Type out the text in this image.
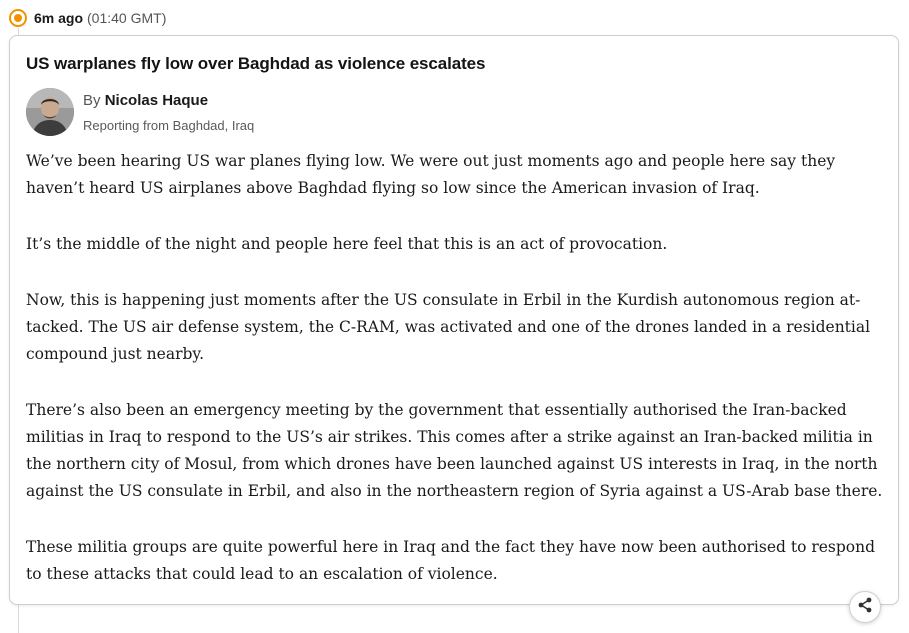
6m ago (01:40 GMT)
US warplanes fly low over Baghdad as violence escalates
By Nicolas Haque
Reporting from Baghdad, Iraq

We’ve been hearing US war planes flying low. We were out just moments ago and people here say they haven’t heard US airplanes above Baghdad flying so low since the American invasion of Iraq.

It’s the middle of the night and people here feel that this is an act of provocation.

Now, this is happening just moments after the US consulate in Erbil in the Kurdish autonomous region attacked. The US air defense system, the C-RAM, was activated and one of the drones landed in a residential compound just nearby.

There’s also been an emergency meeting by the government that essentially authorised the Iran-backed militias in Iraq to respond to the US’s air strikes. This comes after a strike against an Iran-backed militia in the northern city of Mosul, from which drones have been launched against US interests in Iraq, in the north against the US consulate in Erbil, and also in the northeastern region of Syria against a US-Arab base there.

These militia groups are quite powerful here in Iraq and the fact they have now been authorised to respond to these attacks that could lead to an escalation of violence.
